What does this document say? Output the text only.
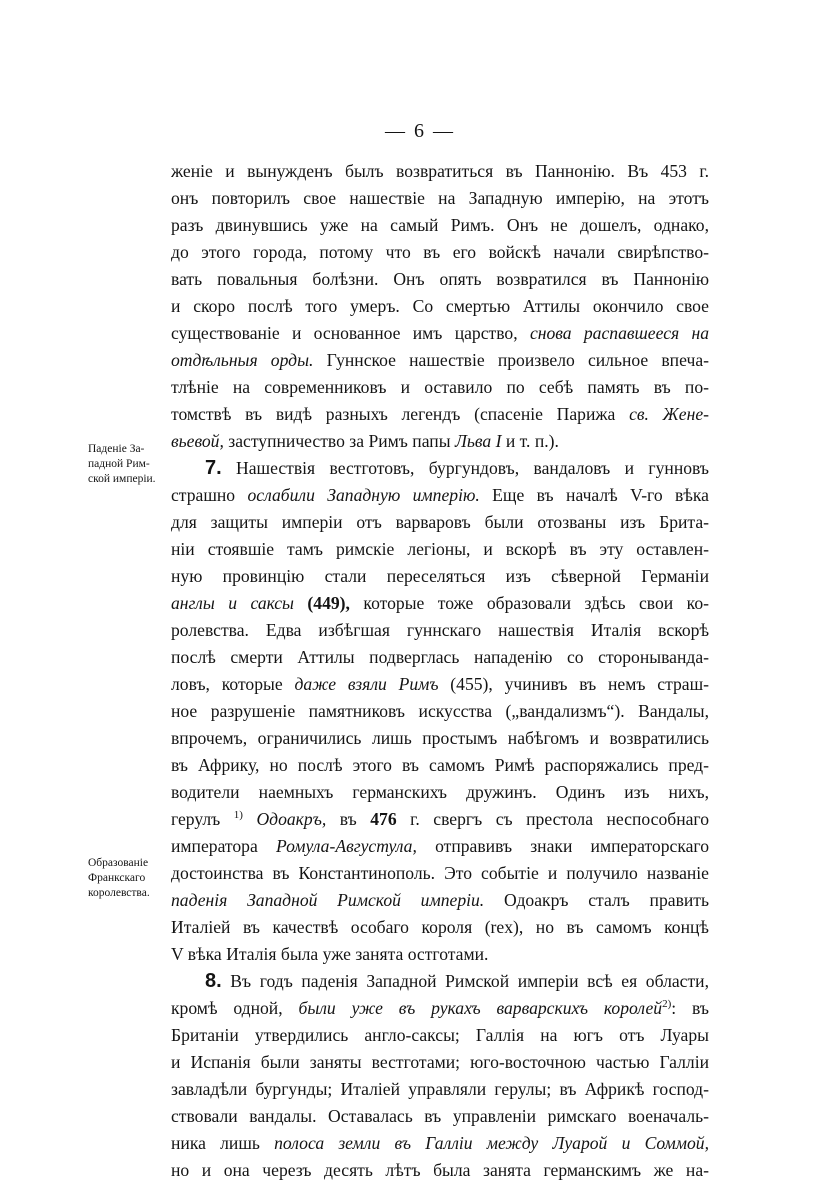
— 6 —
Паденіе За-
падной Рим-
ской имперіи.
Образованіе
Франкскаго
королевства.
женіе и вынужденъ былъ возвратиться въ Паннонію. Въ 453 г.
онъ повторилъ свое нашествіе на Западную имперію, на этотъ
разъ двинувшись уже на самый Римъ. Онъ не дошелъ, однако,
до этого города, потому что въ его войскѣ начали свирѣпство-
вать повальныя болѣзни. Онъ опять возвратился въ Паннонію
и скоро послѣ того умеръ. Со смертью Аттилы окончило свое
существованіе и основанное имъ царство, снова распавшееся на
отдѣльныя орды. Гуннское нашествіе произвело сильное впеча-
тлѣніе на современниковъ и оставило по себѣ память въ по-
томствѣ въ видѣ разныхъ легендъ (спасеніе Парижа св. Жене-
вьевой, заступничество за Римъ папы Льва I и т. п.).
7. Нашествія вестготовъ, бургундовъ, вандаловъ и гунновъ
страшно ослабили Западную имперію. Еще въ началѣ V-го вѣка
для защиты имперіи отъ варваровъ были отозваны изъ Брита-
ніи стоявшіе тамъ римскіе легіоны, и вскорѣ въ эту оставлен-
ную провинцію стали переселяться изъ сѣверной Германіи
англы и саксы (449), которые тоже образовали здѣсь свои ко-
ролевства. Едва избѣгшая гуннскаго нашествія Италія вскорѣ
послѣ смерти Аттилы подверглась нападенію со стороныванда-
ловъ, которые даже взяли Римъ (455), учинивъ въ немъ страш-
ное разрушеніе памятниковъ искусства („вандализмъ“). Вандалы,
впрочемъ, ограничились лишь простымъ набѣгомъ и возвратились
въ Африку, но послѣ этого въ самомъ Римѣ распоряжались пред-
водители наемныхъ германскихъ дружинъ. Одинъ изъ нихъ,
герулъ $^{1)}$ Одоакръ, въ 476 г. свергъ съ престола неспособнаго
императора Ромула-Августула, отправивъ знаки императорскаго
достоинства въ Константинополь. Это событіе и получило названіе
паденія Западной Римской имперіи. Одоакръ сталъ править
Италіей въ качествѣ особаго короля (rex), но въ самомъ концѣ
V вѣка Италія была уже занята остготами.
8. Въ годъ паденія Западной Римской имперіи всѣ ея области,
кромѣ одной, были уже въ рукахъ варварскихъ королей$^{2)}$: въ
Британіи утвердились англо-саксы; Галлія на югъ отъ Луары
и Испанія были заняты вестготами; юго-восточною частью Галліи
завладѣли бургунды; Италіей управляли герулы; въ Африкѣ господ-
ствовали вандалы. Оставалась въ управленіи римскаго военачаль-
ника лишь полоса земли въ Галліи между Луарой и Соммой,
но и она черезъ десять лѣтъ была занята германскимъ же на-
